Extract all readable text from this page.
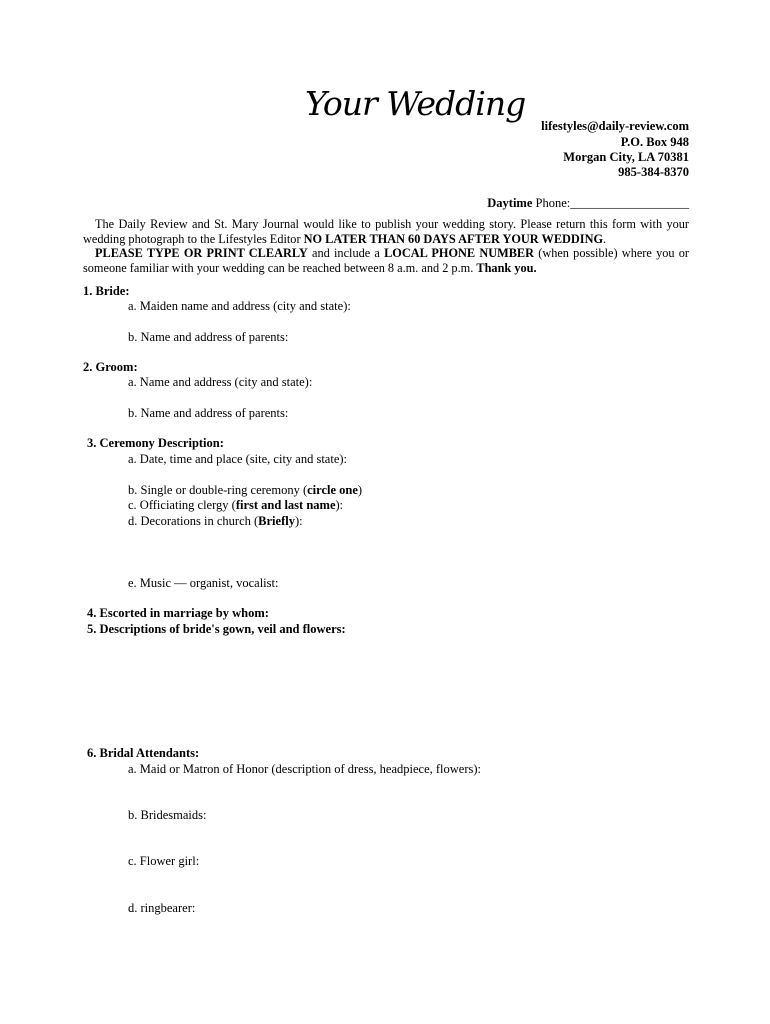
Your Wedding
lifestyles@daily-review.com
P.O. Box 948
Morgan City, LA 70381
985-384-8370
Daytime Phone:___________________

The Daily Review and St. Mary Journal would like to publish your wedding story. Please return this form with your wedding photograph to the Lifestyles Editor NO LATER THAN 60 DAYS AFTER YOUR WEDDING.

PLEASE TYPE OR PRINT CLEARLY and include a LOCAL PHONE NUMBER (when possible) where you or someone familiar with your wedding can be reached between 8 a.m. and 2 p.m. Thank you.

1. Bride:
a. Maiden name and address (city and state):
b. Name and address of parents:
2. Groom:
a. Name and address (city and state):
b. Name and address of parents:
3. Ceremony Description:
a. Date, time and place (site, city and state):
b. Single or double-ring ceremony (circle one)
c. Officiating clergy (first and last name):
d. Decorations in church (Briefly):
e. Music — organist, vocalist:
4. Escorted in marriage by whom:
5. Descriptions of bride's gown, veil and flowers:
6. Bridal Attendants:
a. Maid or Matron of Honor (description of dress, headpiece, flowers):
b. Bridesmaids:
c. Flower girl:
d. ringbearer:
